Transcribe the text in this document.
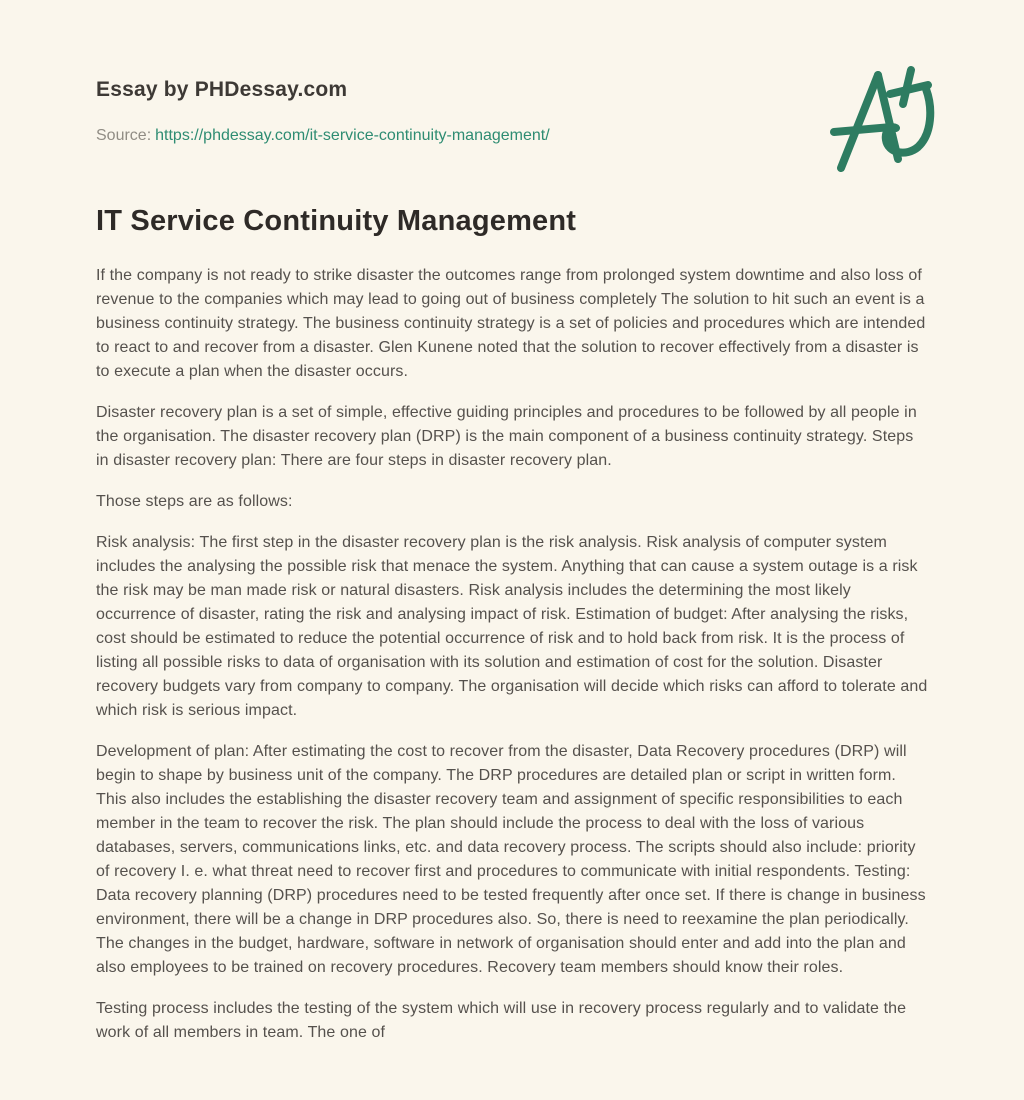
Essay by PHDessay.com
Source: https://phdessay.com/it-service-continuity-management/
IT Service Continuity Management

If the company is not ready to strike disaster the outcomes range from prolonged system downtime and also loss of revenue to the companies which may lead to going out of business completely The solution to hit such an event is a business continuity strategy. The business continuity strategy is a set of policies and procedures which are intended to react to and recover from a disaster. Glen Kunene noted that the solution to recover effectively from a disaster is to execute a plan when the disaster occurs.

Disaster recovery plan is a set of simple, effective guiding principles and procedures to be followed by all people in the organisation. The disaster recovery plan (DRP) is the main component of a business continuity strategy. Steps in disaster recovery plan: There are four steps in disaster recovery plan.

Those steps are as follows:

Risk analysis: The first step in the disaster recovery plan is the risk analysis. Risk analysis of computer system includes the analysing the possible risk that menace the system. Anything that can cause a system outage is a risk the risk may be man made risk or natural disasters. Risk analysis includes the determining the most likely occurrence of disaster, rating the risk and analysing impact of risk. Estimation of budget: After analysing the risks, cost should be estimated to reduce the potential occurrence of risk and to hold back from risk. It is the process of listing all possible risks to data of organisation with its solution and estimation of cost for the solution. Disaster recovery budgets vary from company to company. The organisation will decide which risks can afford to tolerate and which risk is serious impact.

Development of plan: After estimating the cost to recover from the disaster, Data Recovery procedures (DRP) will begin to shape by business unit of the company. The DRP procedures are detailed plan or script in written form. This also includes the establishing the disaster recovery team and assignment of specific responsibilities to each member in the team to recover the risk. The plan should include the process to deal with the loss of various databases, servers, communications links, etc. and data recovery process. The scripts should also include: priority of recovery I. e. what threat need to recover first and procedures to communicate with initial respondents. Testing: Data recovery planning (DRP) procedures need to be tested frequently after once set. If there is change in business environment, there will be a change in DRP procedures also. So, there is need to reexamine the plan periodically. The changes in the budget, hardware, software in network of organisation should enter and add into the plan and also employees to be trained on recovery procedures. Recovery team members should know their roles.

Testing process includes the testing of the system which will use in recovery process regularly and to validate the work of all members in team. The one of
